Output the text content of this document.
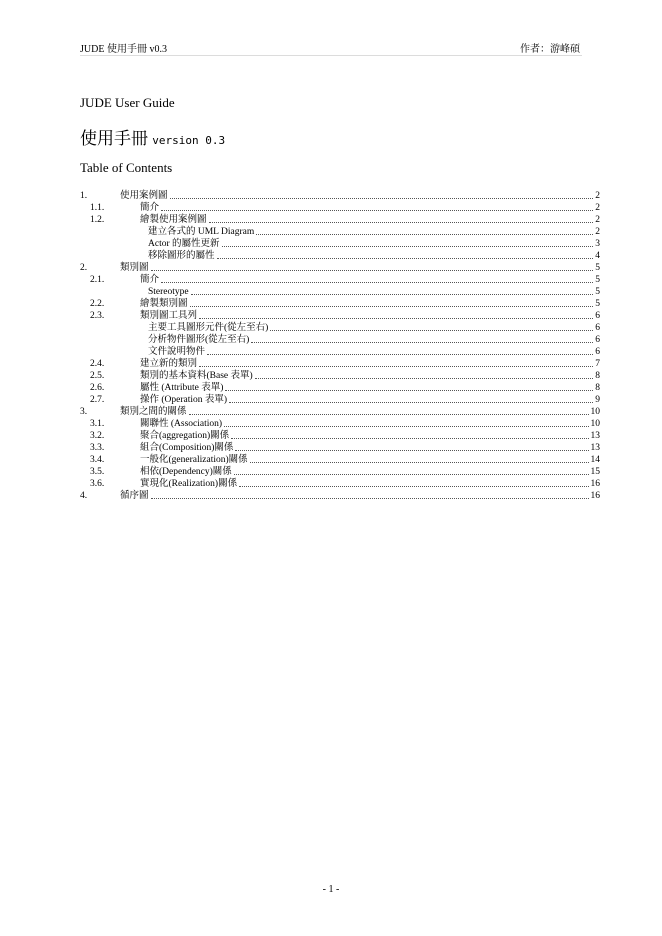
JUDE 使用手冊 v0.3	作者：游峰碩
JUDE User Guide
使用手冊 version 0.3
Table of Contents
1.	使用案例圖	2
1.1.	簡介	2
1.2.	繪製使用案例圖	2
建立各式的 UML Diagram	2
Actor 的屬性更新	3
移除圖形的屬性	4
2.	類別圖	5
2.1.	簡介	5
Stereotype	5
2.2.	繪製類別圖	5
2.3.	類別圖工具列	6
主要工具圖形元件(從左至右)	6
分析物件圖形(從左至右)	6
文件說明物件	6
2.4.	建立新的類別	7
2.5.	類別的基本資料(Base 表單)	8
2.6.	屬性 (Attribute 表單)	8
2.7.	操作 (Operation 表單)	9
3.	類別之間的關係	10
3.1.	關聯性 (Association)	10
3.2.	聚合(aggregation)關係	13
3.3.	組合(Composition)關係	13
3.4.	一般化(generalization)關係	14
3.5.	相依(Dependency)關係	15
3.6.	實現化(Realization)關係	16
4.	循序圖	16
- 1 -
